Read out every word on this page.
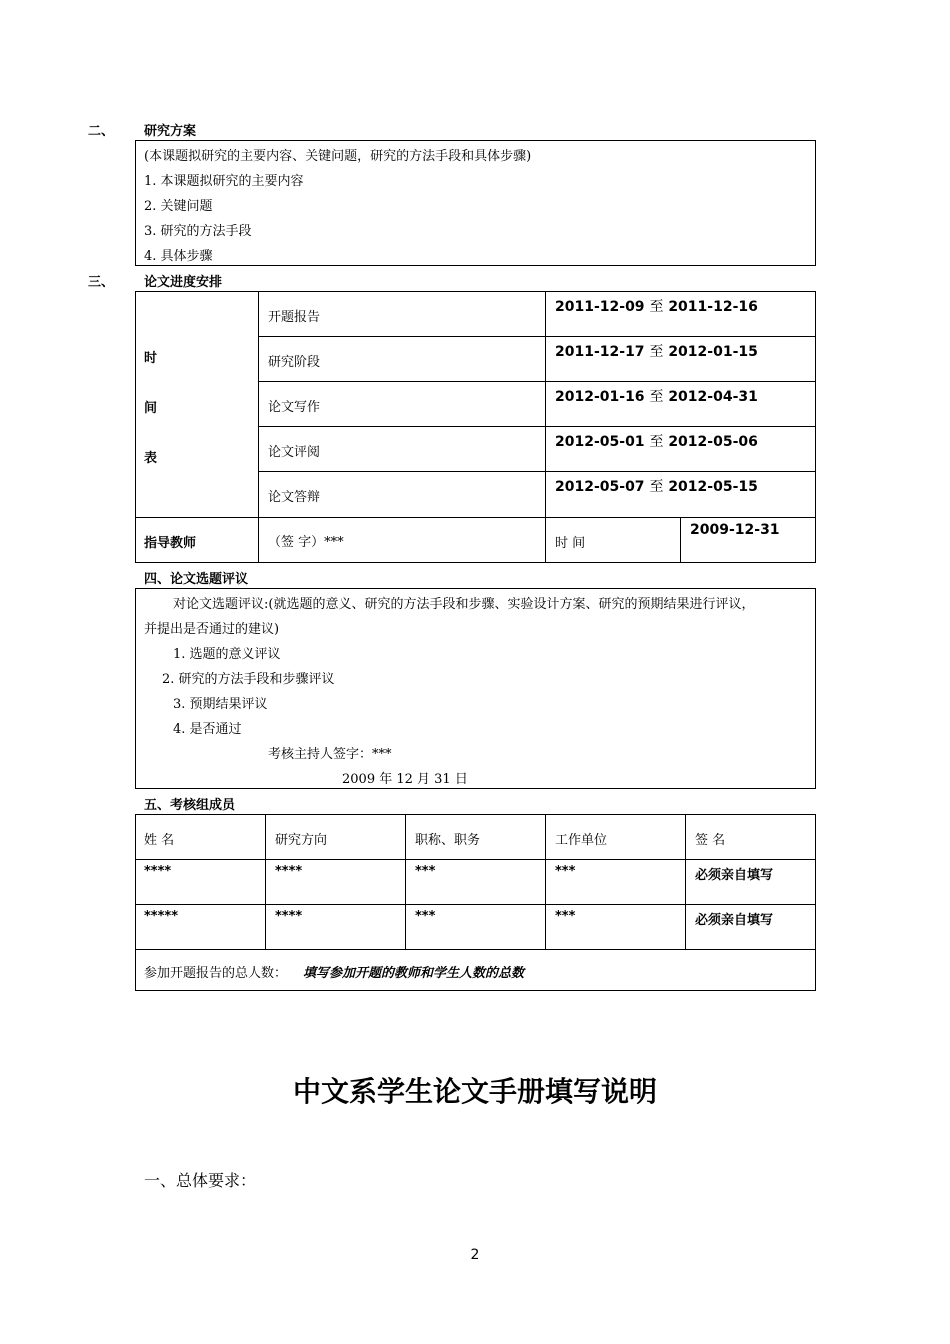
二、 研究方案
(本课题拟研究的主要内容、关键问题，研究的方法手段和具体步骤)
1. 本课题拟研究的主要内容
2. 关键问题
3. 研究的方法手段
4. 具体步骤
三、 论文进度安排
时
间
表
开题报告
2011-12-09 至 2011-12-16
研究阶段
2011-12-17 至 2012-01-15
论文写作
2012-01-16 至 2012-04-31
论文评阅
2012-05-01 至 2012-05-06
论文答辩
2012-05-07 至 2012-05-15
指导教师	（签 字）***	时 间
2009-12-31
四、论文选题评议
对论文选题评议:(就选题的意义、研究的方法手段和步骤、实验设计方案、研究的预期结果进行评议，
并提出是否通过的建议)
1. 选题的意义评议
2. 研究的方法手段和步骤评议
3. 预期结果评议
4. 是否通过
考核主持人签字：***
2009 年 12 月 31 日
五、考核组成员
姓 名	研究方向	职称、职务	工作单位	签 名
****	****	***	***	必须亲自填写
*****	****	***	***	必须亲自填写
参加开题报告的总人数： 填写参加开题的教师和学生人数的总数
中文系学生论文手册填写说明
一、总体要求：
2
